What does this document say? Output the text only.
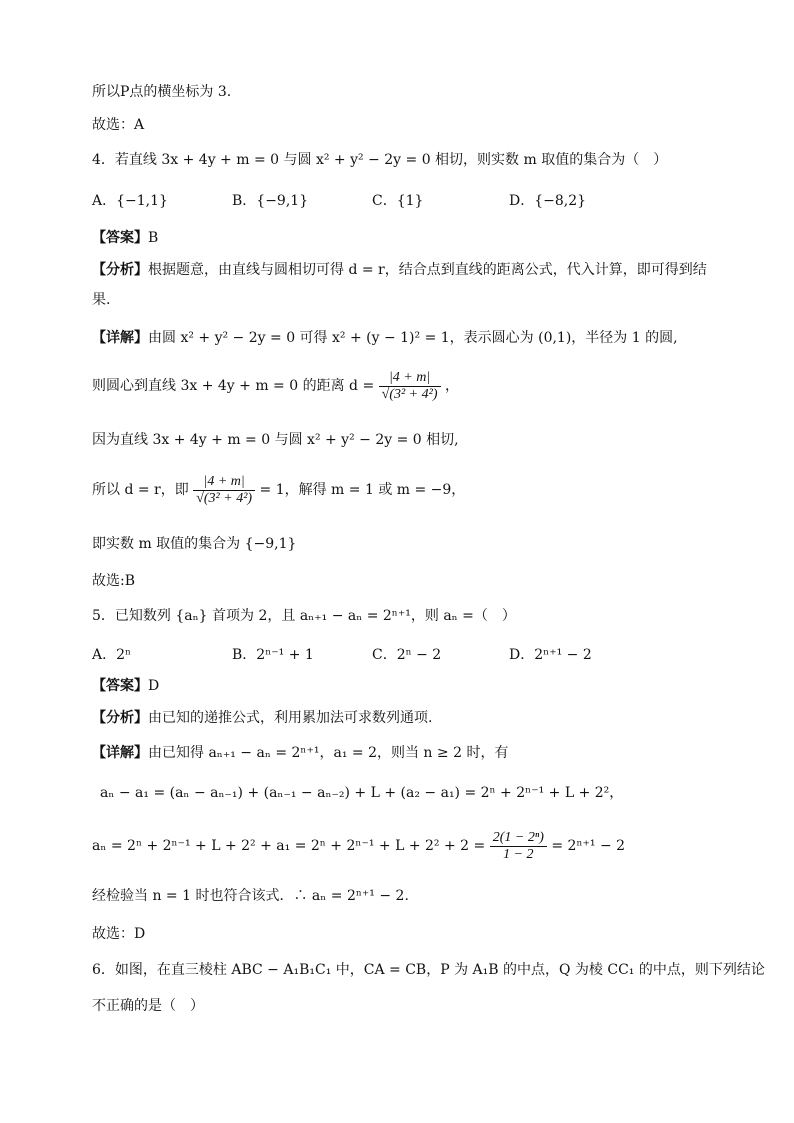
所以P点的横坐标为 3.
故选：A
4．若直线 3x + 4y + m = 0 与圆 x² + y² − 2y = 0 相切，则实数 m 取值的集合为（　）
A．{−1,1}	B．{−9,1}	C．{1}	D．{−8,2}
【答案】B
【分析】根据题意，由直线与圆相切可得 d = r，结合点到直线的距离公式，代入计算，即可得到结
果.
【详解】由圆 x² + y² − 2y = 0 可得 x² + (y − 1)² = 1，表示圆心为 (0,1)，半径为 1 的圆,
则圆心到直线 3x + 4y + m = 0 的距离 $d = \frac{|4 + m|}{\text{√(3² + 4²)}}$ ，
因为直线 3x + 4y + m = 0 与圆 x² + y² − 2y = 0 相切,
所以 d = r，即 $\frac{|4 + m|}{\text{√(3² + 4²)}} = 1$，解得 m = 1 或 m = −9，
即实数 m 取值的集合为 {−9,1}
故选:B
5．已知数列 {aₙ} 首项为 2，且 aₙ₊₁ − aₙ = 2ⁿ⁺¹，则 aₙ =（　）
A．2ⁿ	B．2ⁿ⁻¹ + 1	C．2ⁿ − 2	D．2ⁿ⁺¹ − 2
【答案】D
【分析】由已知的递推公式，利用累加法可求数列通项.
【详解】由已知得 aₙ₊₁ − aₙ = 2ⁿ⁺¹，a₁ = 2，则当 n ≥ 2 时，有
aₙ − a₁ = (aₙ − aₙ₋₁) + (aₙ₋₁ − aₙ₋₂) + L + (a₂ − a₁) = 2ⁿ + 2ⁿ⁻¹ + L + 2²，
$a_n = 2^n + 2^{n-1} + L + 2^2 + a_1 = 2^n + 2^{n-1} + L + 2^2 + 2 = \frac{\text{2(1 − 2ⁿ)}}{1 - 2} = 2^{n+1} - 2$
经检验当 n = 1 时也符合该式．∴ aₙ = 2ⁿ⁺¹ − 2.
故选：D
6．如图，在直三棱柱 ABC − A₁B₁C₁ 中，CA = CB，P 为 A₁B 的中点，Q 为棱 CC₁ 的中点，则下列结论
不正确的是（　）
